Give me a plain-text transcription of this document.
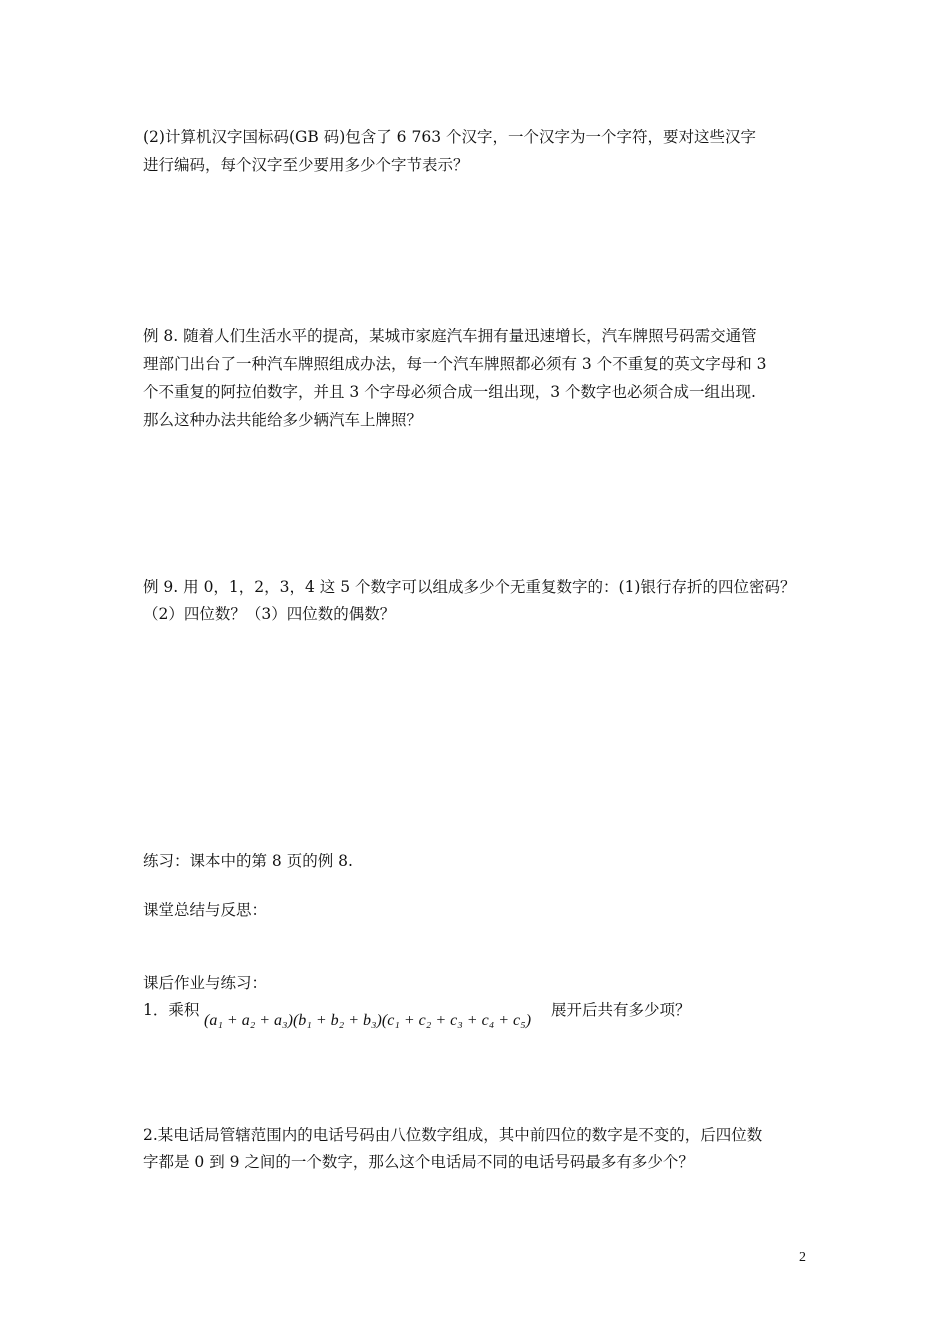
(2)计算机汉字国标码(GB 码)包含了 6 763 个汉字，一个汉字为一个字符，要对这些汉字
进行编码，每个汉字至少要用多少个字节表示？
例 8. 随着人们生活水平的提高，某城市家庭汽车拥有量迅速增长，汽车牌照号码需交通管
理部门出台了一种汽车牌照组成办法，每一个汽车牌照都必须有 3 个不重复的英文字母和 3
个不重复的阿拉伯数字，并且 3 个字母必须合成一组出现，3 个数字也必须合成一组出现.
那么这种办法共能给多少辆汽车上牌照？
例 9. 用 0，1，2，3，4 这 5 个数字可以组成多少个无重复数字的：(1)银行存折的四位密码？
（2）四位数？（3）四位数的偶数？
练习：课本中的第 8 页的例 8.
课堂总结与反思：
课后作业与练习：
1．乘积
(a₁ + a₂ + a₃)(b₁ + b₂ + b₃)(c₁ + c₂ + c₃ + c₄ + c₅)
展开后共有多少项？
2.某电话局管辖范围内的电话号码由八位数字组成，其中前四位的数字是不变的，后四位数
字都是 0 到 9 之间的一个数字，那么这个电话局不同的电话号码最多有多少个？
2
